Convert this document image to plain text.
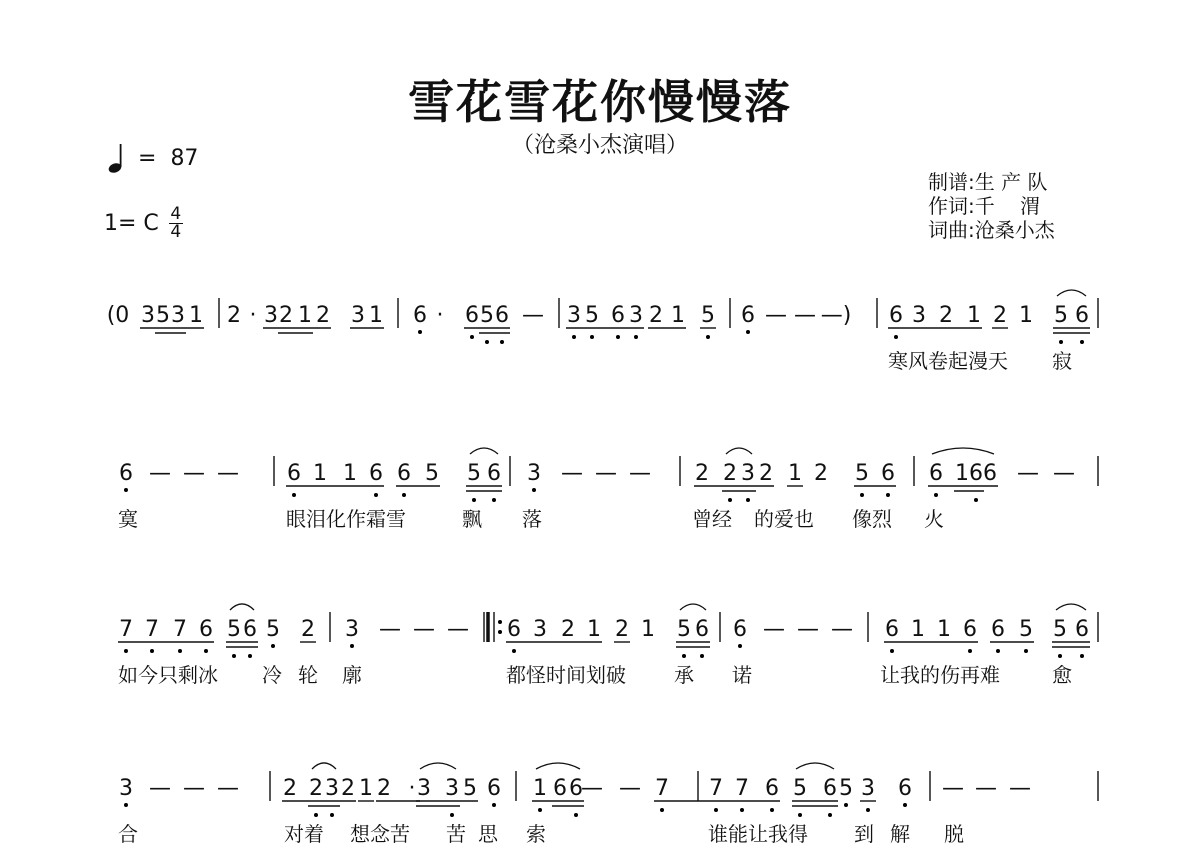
雪花雪花你慢慢落
（沧桑小杰演唱）
= 87
1= C 4
4
制谱:生 产 队
作词:千    渭
词曲:沧桑小杰
(0 3 5 3 1 2 · 3 2 1 2 3 1 6 · 6 5 6 — 3 5 6 3 2 1 5 6 — — —) 6 3 2 1 2 1 5 6
寒风卷起漫天 寂
6 — — — 6 1 1 6 6 5 5 6 3 — — — 2 2 3 2 1 2 5 6 6 1 6 6 — —
寞	眼泪化作霜雪	飘 落	曾经 的爱也 像烈 火
7 7 7 6 5 6 5 2 3 — — — 6 3 2 1 2 1 5 6 6 — — — 6 1 1 6 6 5 5 6
如今只剩冰 冷 轮 廓	都怪时间划破 承 诺	让我的伤再难	愈
3 — — — 2 2 3 2 1 2 · 3 3 5 6 1 6 6
— — 7 7 7 6 5 6 5 3 6 — — —
合	对着 想念苦 苦 思 索	谁能让我得 到 解 脱
